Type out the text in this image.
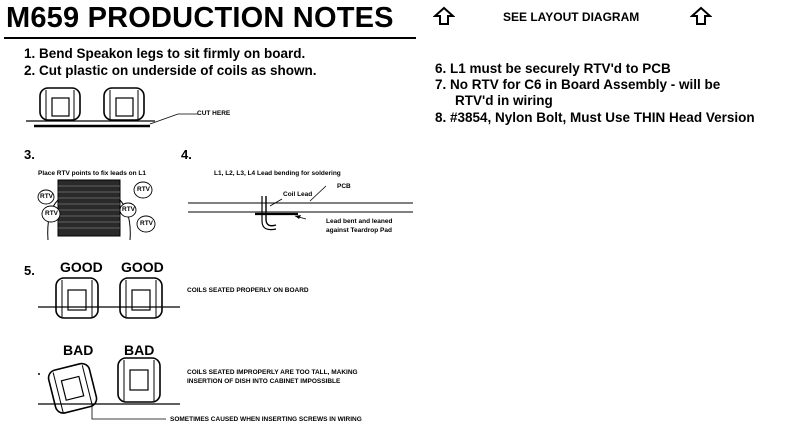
M659 PRODUCTION NOTES	SEE LAYOUT DIAGRAM
1. Bend Speakon legs to sit firmly on board.
2. Cut plastic on underside of coils as shown.	6. L1 must be securely RTV'd to PCB
7. No RTV for C6 in Board Assembly - will be
RTV'd in wiring
8. #3854, Nylon Bolt, Must Use THIN Head Version
CUT HERE
3.
Place RTV points to fix leads on L1
RTV
RTV
RTV
RTV
RTV
4.
L1, L2, L3, L4 Lead bending for soldering
PCB
Coil Lead
Lead bent and leaned
against Teardrop Pad
5. GOOD GOOD
COILS SEATED PROPERLY ON BOARD
BAD BAD
COILS SEATED IMPROPERLY ARE TOO TALL, MAKING
INSERTION OF DISH INTO CABINET IMPOSSIBLE
SOMETIMES CAUSED WHEN INSERTING SCREWS IN WIRING
